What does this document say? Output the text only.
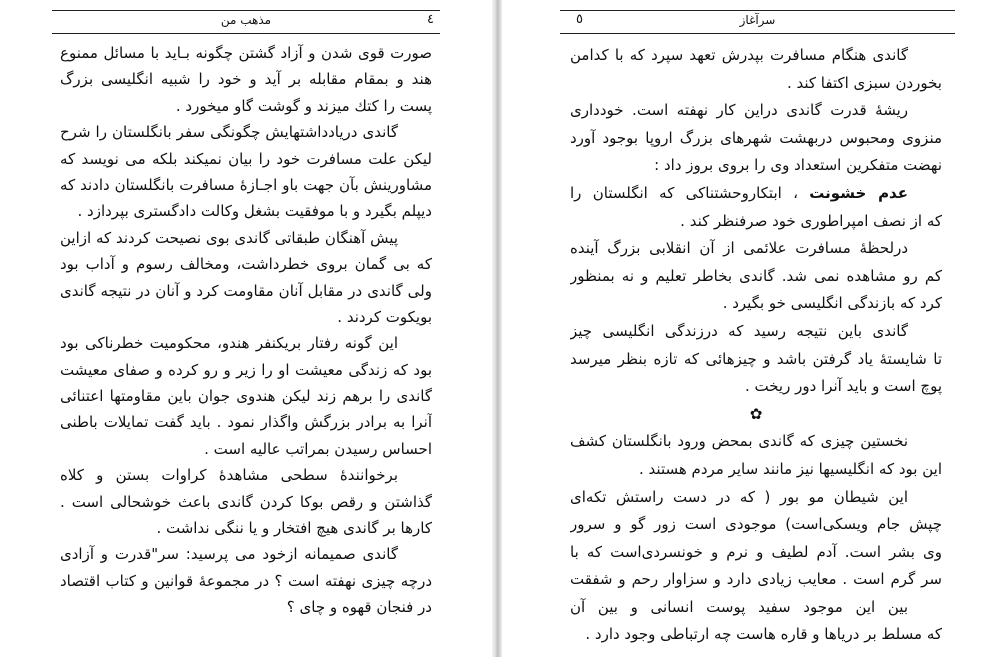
مذهب من	٤
صورت قوی شدن و آزاد گشتن چگونه بـاید با مسائل ممنوع
هند و بمقام مقابله بر آید و خود را شبیه انگلیسی بزرگ
پست را کتك میزند و گوشت گاو میخورد .
گاندی دریادداشتهایش چگونگی سفر بانگلستان را شرح
لیکن علت مسافرت خود را بیان نمیکند بلکه می نویسد که
مشاورینش بآن جهت باو اجـازهٔ مسافرت بانگلستان دادند که
دیپلم بگیرد و با موفقیت بشغل وکالت دادگستری بپردازد .
پیش آهنگان طبقاتی گاندی بوی نصیحت کردند که ازاین
که بی گمان بروی خطرداشت، ومخالف رسوم و آداب بود
ولی گاندی در مقابل آنان مقاومت کرد و آنان در نتیجه گاندی
بویکوت کردند .
این گونه رفتار بریکنفر هندو، محکومیت خطرناکی بود
بود که زندگی معیشت او را زیر و رو کرده و صفای معیشت
گاندی را برهم زند لیکن هندوی جوان باین مقاومتها اعتنائی
آنرا به برادر بزرگش واگذار نمود . باید گفت تمایلات باطنی
احساس رسیدن بمراتب عالیه است .
برخوانندهٔ سطحی مشاهدهٔ کراوات بستن و کلاه
گذاشتن و رقص بوکا کردن گاندی باعث خوشحالی است .
کارها بر گاندی هیچ افتخار و یا ننگی نداشت .
گاندی صمیمانه ازخود می پرسید: سر"قدرت و آزادی
درچه چیزی نهفته است ؟ در مجموعهٔ قوانین و کتاب اقتصاد
در فنجان قهوه و چای ؟
سرآغاز
٥
گاندی هنگام مسافرت بپدرش تعهد سپرد که با کدامن
بخوردن سبزی اکتفا کند .
ریشهٔ قدرت گاندی دراین کار نهفته است. خودداری
منزوی ومحبوس دربهشت شهرهای بزرگ اروپا بوجود آورد
نهضت متفکرین استعداد وی را بروی بروز داد :
عدم خشونت ، ابتکاروحشتناکی که انگلستان را
که از نصف امپراطوری خود صرفنظر کند .
درلحظهٔ مسافرت علائمی از آن انقلابی بزرگ آینده
کم رو مشاهده نمی شد. گاندی بخاطر تعلیم و نه بمنظور
کرد که بازندگی انگلیسی خو بگیرد .
گاندی باین نتیجه رسید که درزندگی انگلیسی چیز
تا شایستهٔ یاد گرفتن باشد و چیزهائی که تازه بنظر میرسد
پوچ است و باید آنرا دور ریخت .
✿
نخستین چیزی که گاندی بمحض ورود بانگلستان کشف
این بود که انگلیسیها نیز مانند سایر مردم هستند .
این شیطان مو بور ( که در دست راستش تکه‌ای
چپش جام ویسکی‌است) موجودی است زور گو و سرور
وی بشر است. آدم لطیف و نرم و خونسردی‌است که با
سر گرم است . معایب زیادی دارد و سزاوار رحم و شفقت
بین این موجود سفید پوست انسانی و بین آن
که مسلط بر دریاها و قاره هاست چه ارتباطی وجود دارد .
